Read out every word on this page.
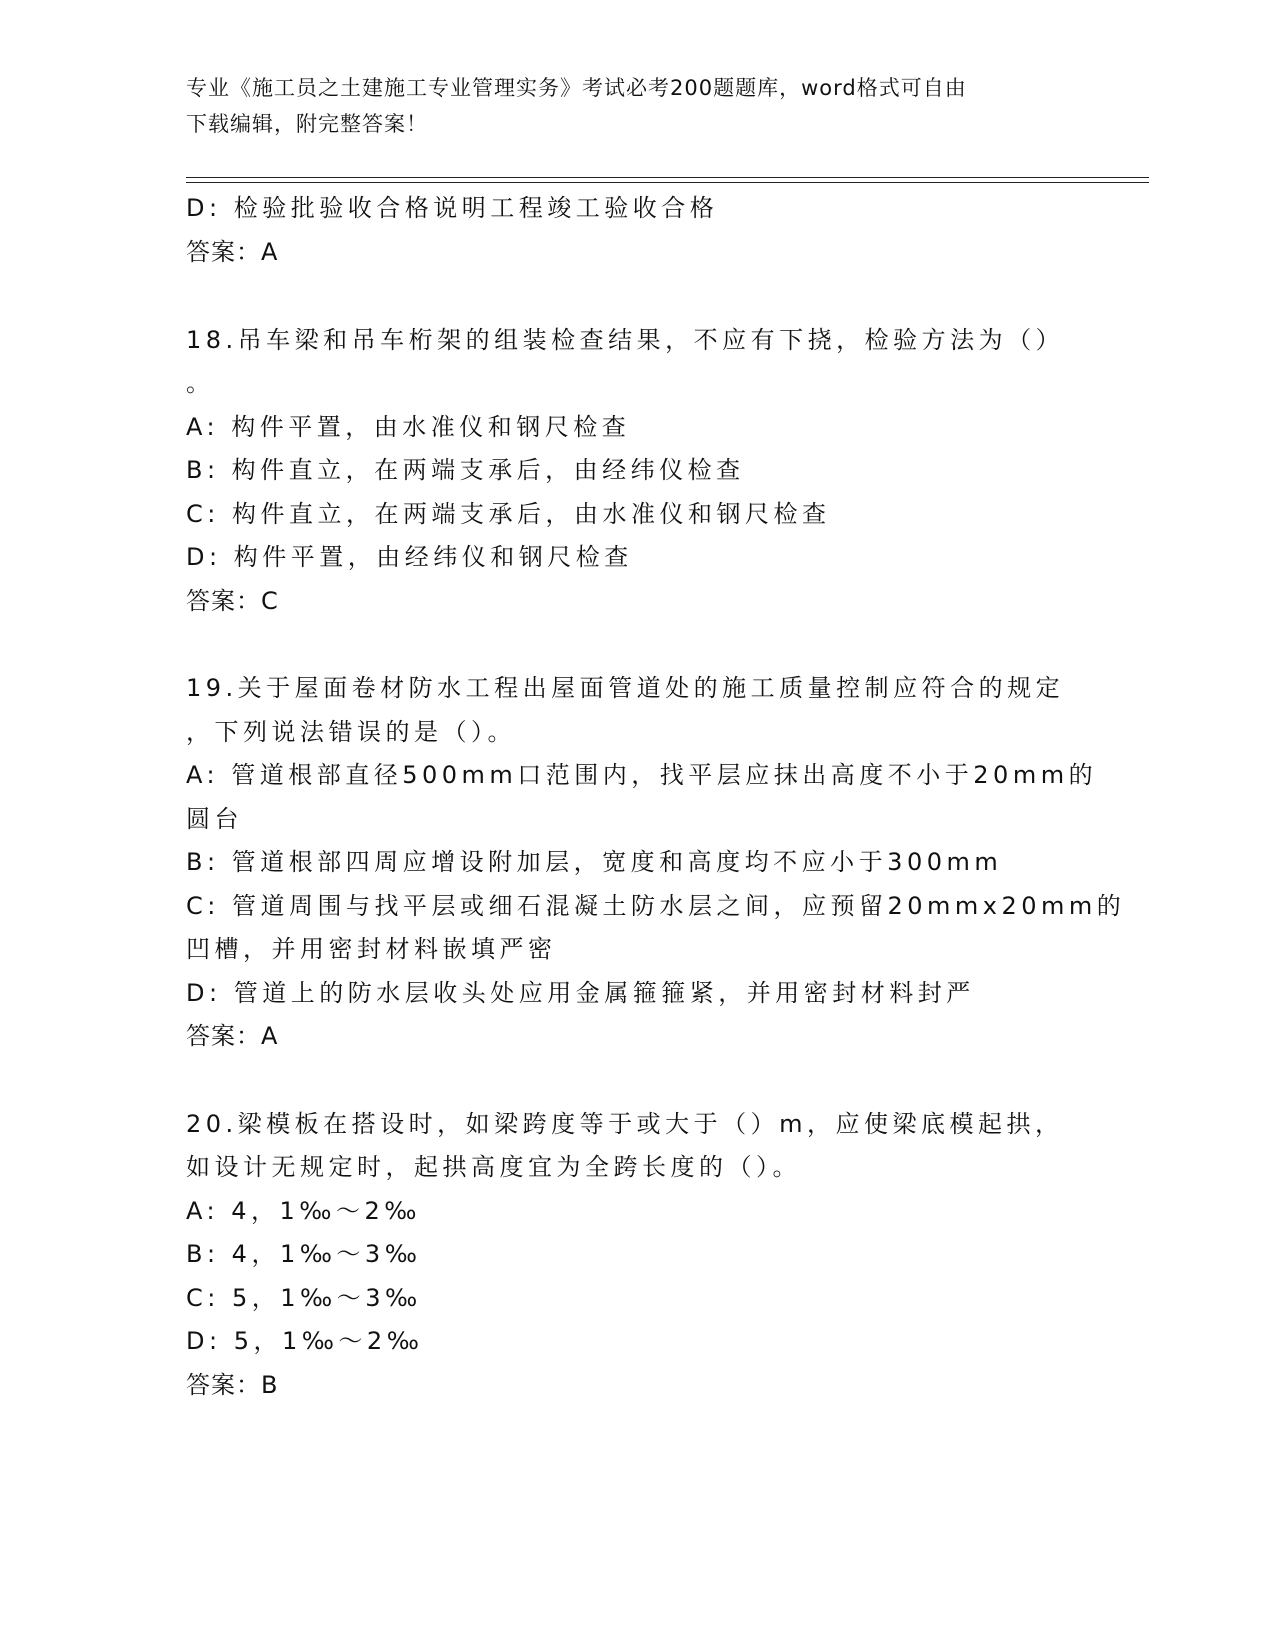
专业《施工员之土建施工专业管理实务》考试必考200题题库，word格式可自由
下载编辑，附完整答案！
D: 检验批验收合格说明工程竣工验收合格
答案：A
18.吊车梁和吊车桁架的组装检查结果，不应有下挠，检验方法为（）
。
A: 构件平置，由水准仪和钢尺检查
B: 构件直立，在两端支承后，由经纬仪检查
C: 构件直立，在两端支承后，由水准仪和钢尺检查
D: 构件平置，由经纬仪和钢尺检查
答案：C
19.关于屋面卷材防水工程出屋面管道处的施工质量控制应符合的规定
，下列说法错误的是（）。
A: 管道根部直径500mm口范围内，找平层应抹出高度不小于20mm的
圆台
B: 管道根部四周应增设附加层，宽度和高度均不应小于300mm
C: 管道周围与找平层或细石混凝土防水层之间，应预留20mmx20mm的
凹槽，并用密封材料嵌填严密
D: 管道上的防水层收头处应用金属箍箍紧，并用密封材料封严
答案：A
20.梁模板在搭设时，如梁跨度等于或大于（）m，应使梁底模起拱，
如设计无规定时，起拱高度宜为全跨长度的（）。
A: 4，1‰～2‰
B: 4，1‰～3‰
C: 5，1‰～3‰
D: 5，1‰～2‰
答案：B
